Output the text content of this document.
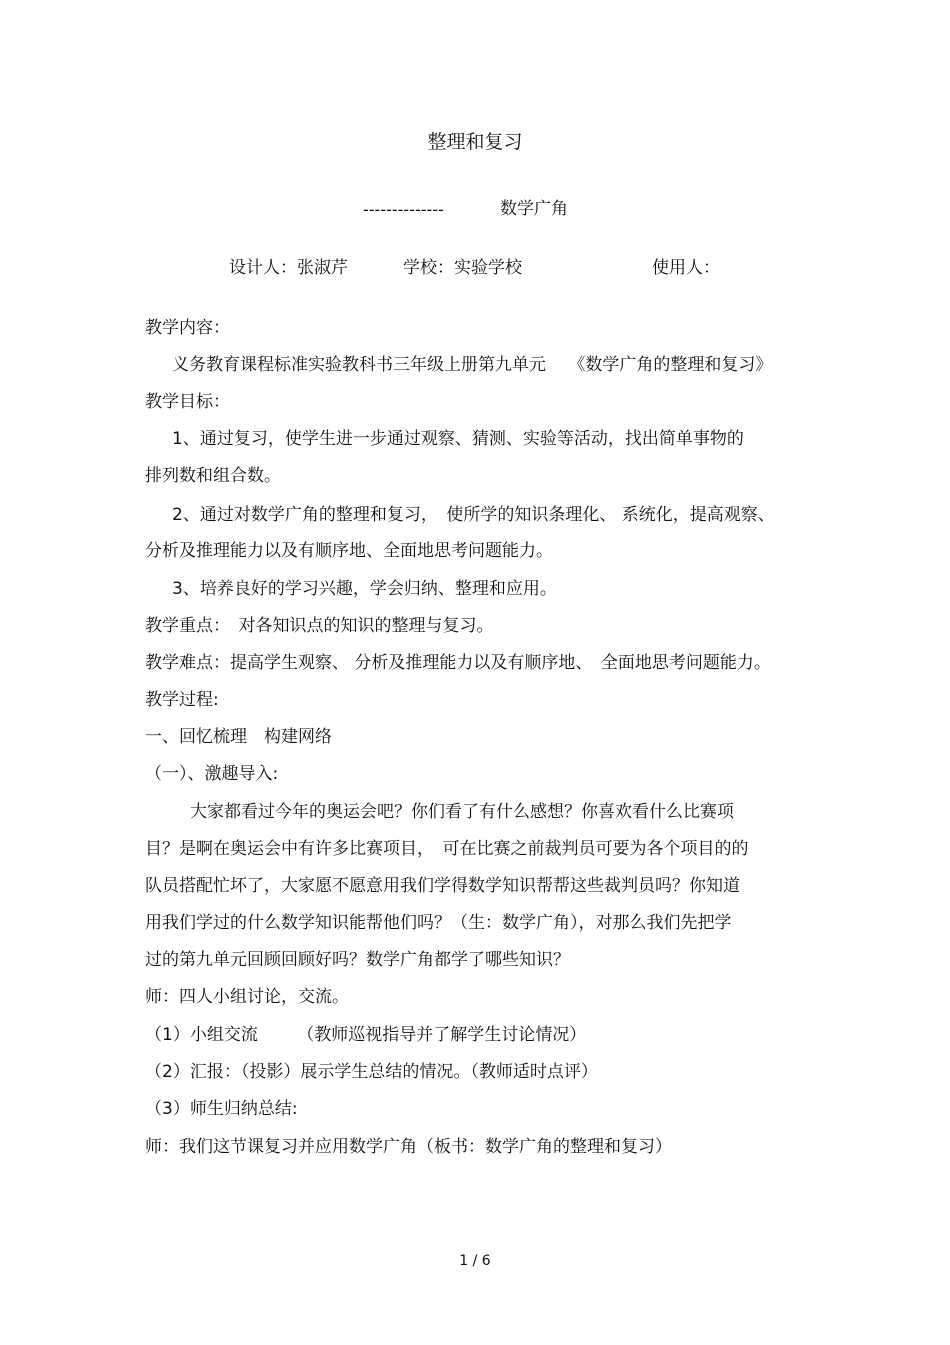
整理和复习
--------------	数学广角
设计人：张淑芹	学校：实验学校	使用人：
教学内容：
义务教育课程标准实验教科书三年级上册第九单元　 《数学广角的整理和复习》
教学目标：
1、通过复习，使学生进一步通过观察、猜测、实验等活动，找出简单事物的
排列数和组合数。
2、通过对数学广角的整理和复习，　使所学的知识条理化、 系统化，提高观察、
分析及推理能力以及有顺序地、全面地思考问题能力。
3、培养良好的学习兴趣，学会归纳、整理和应用。
教学重点：　对各知识点的知识的整理与复习。
教学难点：提高学生观察、 分析及推理能力以及有顺序地、　全面地思考问题能力。
教学过程:
一、回忆梳理　构建网络
（一）、激趣导入:
大家都看过今年的奥运会吧？你们看了有什么感想？你喜欢看什么比赛项
目？是啊在奥运会中有许多比赛项目，　可在比赛之前裁判员可要为各个项目的的
队员搭配忙坏了，大家愿不愿意用我们学得数学知识帮帮这些裁判员吗？你知道
用我们学过的什么数学知识能帮他们吗？（生：数学广角），对那么我们先把学
过的第九单元回顾回顾好吗？数学广角都学了哪些知识？
师：四人小组讨论，交流。
（1）小组交流　　 （教师巡视指导并了解学生讨论情况）
（2）汇报：（投影）展示学生总结的情况。（教师适时点评）
（3）师生归纳总结:
师：我们这节课复习并应用数学广角（板书：数学广角的整理和复习）
1 / 6
